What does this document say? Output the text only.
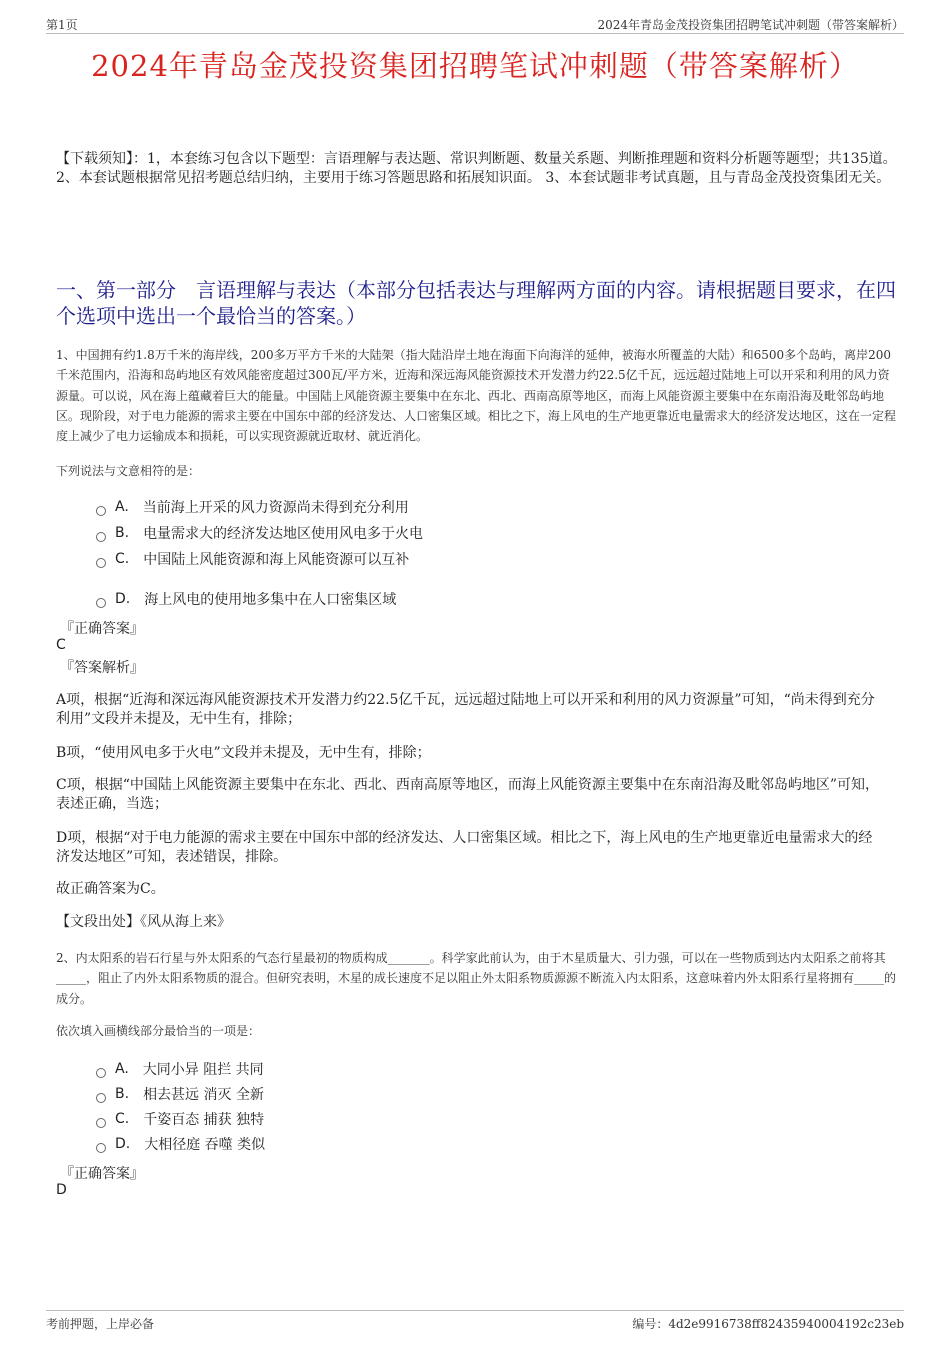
第1页	2024年青岛金茂投资集团招聘笔试冲刺题（带答案解析）
2024年青岛金茂投资集团招聘笔试冲刺题（带答案解析）
【下载须知】：1，本套练习包含以下题型：言语理解与表达题、常识判断题、数量关系题、判断推理题和资料分析题等题型；共135道。 2、本套试题根据常见招考题总结归纳，主要用于练习答题思路和拓展知识面。 3、本套试题非考试真题，且与青岛金茂投资集团无关。
一、第一部分　言语理解与表达（本部分包括表达与理解两方面的内容。请根据题目要求，在四个选项中选出一个最恰当的答案。）
1、中国拥有约1.8万千米的海岸线，200多万平方千米的大陆架（指大陆沿岸土地在海面下向海洋的延伸，被海水所覆盖的大陆）和6500多个岛屿，离岸200千米范围内，沿海和岛屿地区有效风能密度超过300瓦/平方米，近海和深远海风能资源技术开发潜力约22.5亿千瓦，远远超过陆地上可以开采和利用的风力资源量。可以说，风在海上蕴藏着巨大的能量。中国陆上风能资源主要集中在东北、西北、西南高原等地区，而海上风能资源主要集中在东南沿海及毗邻岛屿地区。现阶段，对于电力能源的需求主要在中国东中部的经济发达、人口密集区域。相比之下，海上风电的生产地更靠近电量需求大的经济发达地区，这在一定程度上减少了电力运输成本和损耗，可以实现资源就近取材、就近消化。
下列说法与文意相符的是：
A. 当前海上开采的风力资源尚未得到充分利用
B. 电量需求大的经济发达地区使用风电多于火电
C. 中国陆上风能资源和海上风能资源可以互补
D. 海上风电的使用地多集中在人口密集区域
『正确答案』
C
『答案解析』
A项，根据“近海和深远海风能资源技术开发潜力约22.5亿千瓦，远远超过陆地上可以开采和利用的风力资源量”可知，“尚未得到充分利用”文段并未提及，无中生有，排除；
B项，“使用风电多于火电”文段并未提及，无中生有，排除；
C项，根据“中国陆上风能资源主要集中在东北、西北、西南高原等地区，而海上风能资源主要集中在东南沿海及毗邻岛屿地区”可知，表述正确，当选；
D项，根据“对于电力能源的需求主要在中国东中部的经济发达、人口密集区域。相比之下，海上风电的生产地更靠近电量需求大的经济发达地区”可知，表述错误，排除。
故正确答案为C。
【文段出处】《风从海上来》
2、内太阳系的岩石行星与外太阳系的气态行星最初的物质构成_______。科学家此前认为，由于木星质量大、引力强，可以在一些物质到达内太阳系之前将其_____，阻止了内外太阳系物质的混合。但研究表明，木星的成长速度不足以阻止外太阳系物质源源不断流入内太阳系，这意味着内外太阳系行星将拥有_____的成分。
依次填入画横线部分最恰当的一项是：
A. 大同小异 阻拦 共同
B. 相去甚远 消灭 全新
C. 千姿百态 捕获 独特
D. 大相径庭 吞噬 类似
『正确答案』
D
考前押题，上岸必备	编号：4d2e9916738ff82435940004192c23eb
